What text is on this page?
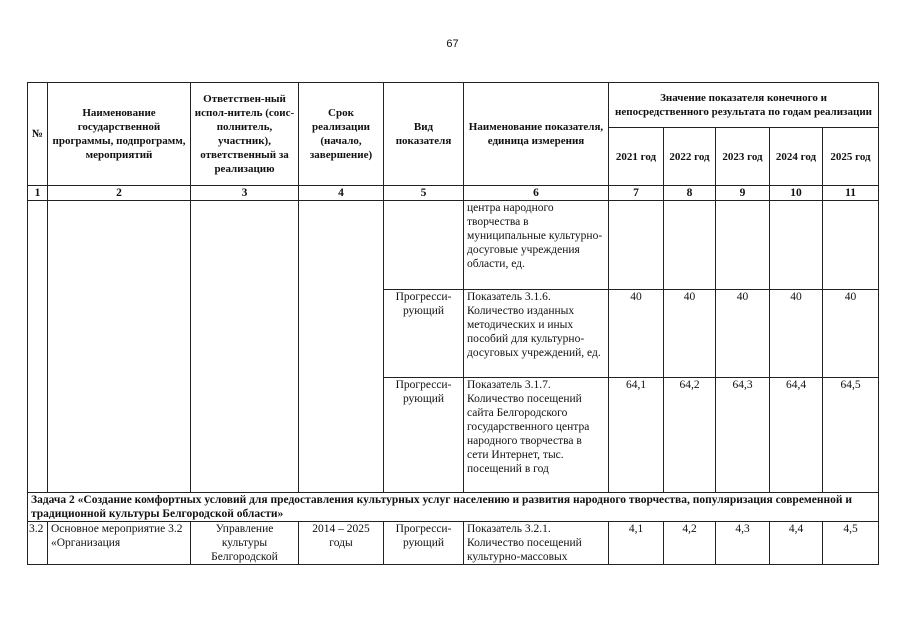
67
№	Наименование государственной программы, подпрограмм, мероприятий	Ответствен-ный испол-нитель (соис-полнитель, участник), ответственный за реализацию	Срок реализации (начало, завершение)	Вид показателя	Наименование показателя, единица измерения	Значение показателя конечного и непосредственного результата по годам реализации				
						2021 год	2022 год	2023 год	2024 год	2025 год
1	2	3	4	5	6	7	8	9	10	11
					центра народного творчества в муниципальные культурно-досуговые учреждения области, ед.					
				Прогресси-рующий	Показатель 3.1.6. Количество изданных методических и иных пособий для культурно-досуговых учреждений, ед.	40	40	40	40	40
				Прогресси-рующий	Показатель 3.1.7. Количество посещений сайта Белгородского государственного центра народного творчества в сети Интернет, тыс. посещений в год	64,1	64,2	64,3	64,4	64,5
Задача 2 «Создание комфортных условий для предоставления культурных услуг населению и развития народного творчества, популяризация современной и традиционной культуры Белгородской области»										
3.2	Основное мероприятие 3.2 «Организация	Управление культуры Белгородской	2014 – 2025 годы	Прогресси-рующий	Показатель 3.2.1. Количество посещений культурно-массовых	4,1	4,2	4,3	4,4	4,5
